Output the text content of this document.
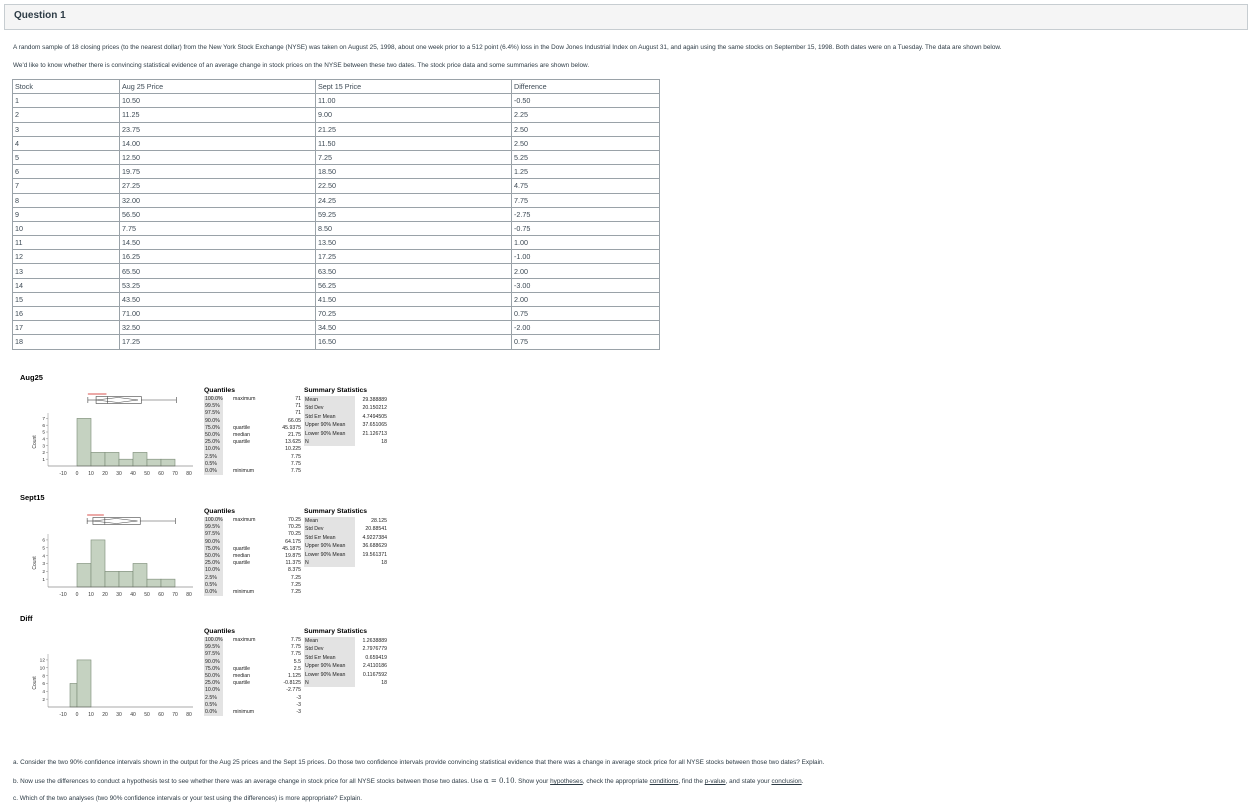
Question 1
A random sample of 18 closing prices (to the nearest dollar) from the New York Stock Exchange (NYSE) was taken on August 25, 1998, about one week prior to a 512 point (6.4%) loss in the Dow Jones Industrial Index on August 31, and again using the same stocks on September 15, 1998. Both dates were on a Tuesday. The data are shown below.
We'd like to know whether there is convincing statistical evidence of an average change in stock prices on the NYSE between these two dates. The stock price data and some summaries are shown below.
Stock	Aug 25 Price	Sept 15 Price	Difference
1	10.50	11.00	-0.50
2	11.25	9.00	2.25
3	23.75	21.25	2.50
4	14.00	11.50	2.50
5	12.50	7.25	5.25
6	19.75	18.50	1.25
7	27.25	22.50	4.75
8	32.00	24.25	7.75
9	56.50	59.25	-2.75
10	7.75	8.50	-0.75
11	14.50	13.50	1.00
12	16.25	17.25	-1.00
13	65.50	63.50	2.00
14	53.25	56.25	-3.00
15	43.50	41.50	2.00
16	71.00	70.25	0.75
17	32.50	34.50	-2.00
18	17.25	16.50	0.75
Aug25
Count
1
2
3
4
5
6
7
-10 0 10 20 30 40 50 60 70 80
Quantiles
100.0% maximum	71
99.5%	71
97.5%	71
90.0%	66.05
75.0%	quartile	45.9375
50.0%	median	21.75
25.0%	quartile	13.625
10.0%	10.225
2.5%	7.75
0.5%	7.75
0.0%	minimum	7.75
Summary Statistics
Mean	29.388889
Std Dev	20.150212
Std Err Mean	4.7494505
Upper 90% Mean	37.651065
Lower 90% Mean	21.126713
N	18
Sept15
Count
1
2
3
4
5
6
-10 0 10 20 30 40 50 60 70 80
Quantiles
100.0% maximum	70.25
99.5%	70.25
97.5%	70.25
90.0%	64.175
75.0%	quartile	45.1875
50.0%	median	19.875
25.0%	quartile	11.375
10.0%	8.375
2.5%	7.25
0.5%	7.25
0.0%	minimum	7.25
Summary Statistics
Mean	28.125
Std Dev	20.88541
Std Err Mean	4.9227384
Upper 90% Mean	36.688629
Lower 90% Mean	19.561371
N	18
Diff
Count
2
4
6
8
10
12
-10 0 10 20 30 40 50 60 70 80
Quantiles
100.0% maximum	7.75
99.5%	7.75
97.5%	7.75
90.0%	5.5
75.0%	quartile	2.5
50.0%	median	1.125
25.0%	quartile	-0.8125
10.0%	-2.775
2.5%	-3
0.5%	-3
0.0%	minimum	-3
Summary Statistics
Mean	1.2638889
Std Dev	2.7976779
Std Err Mean	0.659419
Upper 90% Mean	2.4110186
Lower 90% Mean	0.1167592
N	18
a. Consider the two 90% confidence intervals shown in the output for the Aug 25 prices and the Sept 15 prices. Do those two confidence intervals provide convincing statistical evidence that there was a change in average stock price for all NYSE stocks between those two dates? Explain.
b. Now use the differences to conduct a hypothesis test to see whether there was an average change in stock price for all NYSE stocks between those two dates. Use α = 0.10. Show your hypotheses, check the appropriate conditions, find the p-value, and state your conclusion.
c. Which of the two analyses (two 90% confidence intervals or your test using the differences) is more appropriate? Explain.
